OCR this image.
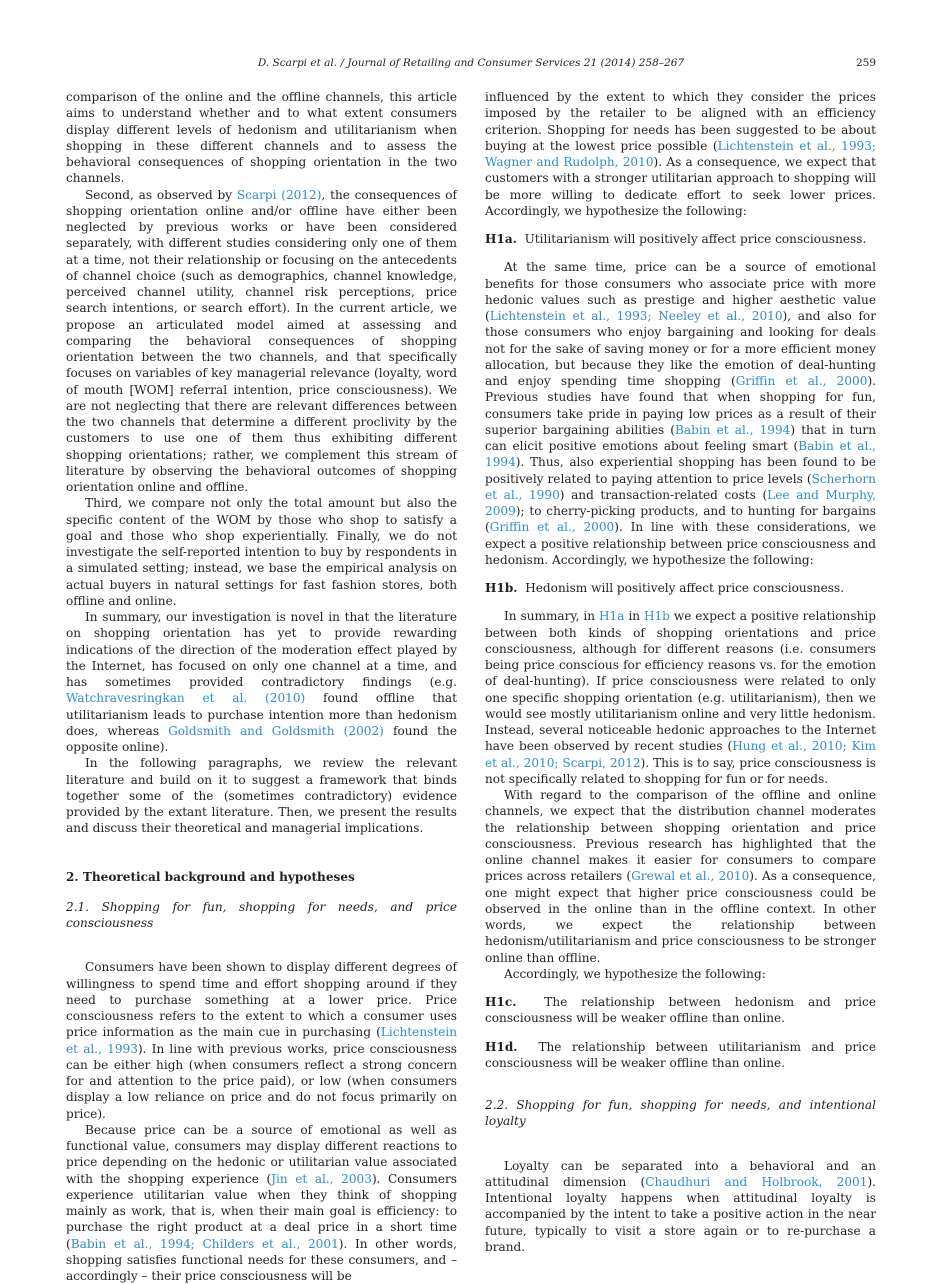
D. Scarpi et al. / Journal of Retailing and Consumer Services 21 (2014) 258–267	259

comparison of the online and the offline channels, this article aims to understand whether and to what extent consumers display different levels of hedonism and utilitarianism when shopping in these different channels and to assess the behavioral consequences of shopping orientation in the two channels.

Second, as observed by Scarpi (2012), the consequences of shopping orientation online and/or offline have either been neglected by previous works or have been considered separately, with different studies considering only one of them at a time, not their relationship or focusing on the antecedents of channel choice (such as demographics, channel knowledge, perceived channel utility, channel risk perceptions, price search intentions, or search effort). In the current article, we propose an articulated model aimed at assessing and comparing the behavioral consequences of shopping orientation between the two channels, and that specifically focuses on variables of key managerial relevance (loyalty, word of mouth [WOM] referral intention, price consciousness). We are not neglecting that there are relevant differences between the two channels that determine a different proclivity by the customers to use one of them thus exhibiting different shopping orientations; rather, we complement this stream of literature by observing the behavioral outcomes of shopping orientation online and offline.

Third, we compare not only the total amount but also the specific content of the WOM by those who shop to satisfy a goal and those who shop experientially. Finally, we do not investigate the self-reported intention to buy by respondents in a simulated setting; instead, we base the empirical analysis on actual buyers in natural settings for fast fashion stores, both offline and online.

In summary, our investigation is novel in that the literature on shopping orientation has yet to provide rewarding indications of the direction of the moderation effect played by the Internet, has focused on only one channel at a time, and has sometimes provided contradictory findings (e.g. Watchravesringkan et al. (2010) found offline that utilitarianism leads to purchase intention more than hedonism does, whereas Goldsmith and Goldsmith (2002) found the opposite online).

In the following paragraphs, we review the relevant literature and build on it to suggest a framework that binds together some of the (sometimes contradictory) evidence provided by the extant literature. Then, we present the results and discuss their theoretical and managerial implications.

2. Theoretical background and hypotheses

2.1. Shopping for fun, shopping for needs, and price consciousness

Consumers have been shown to display different degrees of willingness to spend time and effort shopping around if they need to purchase something at a lower price. Price consciousness refers to the extent to which a consumer uses price information as the main cue in purchasing (Lichtenstein et al., 1993). In line with previous works, price consciousness can be either high (when consumers reflect a strong concern for and attention to the price paid), or low (when consumers display a low reliance on price and do not focus primarily on price).

Because price can be a source of emotional as well as functional value, consumers may display different reactions to price depending on the hedonic or utilitarian value associated with the shopping experience (Jin et al., 2003). Consumers experience utilitarian value when they think of shopping mainly as work, that is, when their main goal is efficiency: to purchase the right product at a deal price in a short time (Babin et al., 1994; Childers et al., 2001). In other words, shopping satisfies functional needs for these consumers, and – accordingly – their price consciousness will be

influenced by the extent to which they consider the prices imposed by the retailer to be aligned with an efficiency criterion. Shopping for needs has been suggested to be about buying at the lowest price possible (Lichtenstein et al., 1993; Wagner and Rudolph, 2010). As a consequence, we expect that customers with a stronger utilitarian approach to shopping will be more willing to dedicate effort to seek lower prices. Accordingly, we hypothesize the following:

H1a. Utilitarianism will positively affect price consciousness.

At the same time, price can be a source of emotional benefits for those consumers who associate price with more hedonic values such as prestige and higher aesthetic value (Lichtenstein et al., 1993; Neeley et al., 2010), and also for those consumers who enjoy bargaining and looking for deals not for the sake of saving money or for a more efficient money allocation, but because they like the emotion of deal-hunting and enjoy spending time shopping (Griffin et al., 2000). Previous studies have found that when shopping for fun, consumers take pride in paying low prices as a result of their superior bargaining abilities (Babin et al., 1994) that in turn can elicit positive emotions about feeling smart (Babin et al., 1994). Thus, also experiential shopping has been found to be positively related to paying attention to price levels (Scherhorn et al., 1990) and transaction-related costs (Lee and Murphy, 2009); to cherry-picking products, and to hunting for bargains (Griffin et al., 2000). In line with these considerations, we expect a positive relationship between price consciousness and hedonism. Accordingly, we hypothesize the following:

H1b. Hedonism will positively affect price consciousness.

In summary, in H1a in H1b we expect a positive relationship between both kinds of shopping orientations and price consciousness, although for different reasons (i.e. consumers being price conscious for efficiency reasons vs. for the emotion of deal-hunting). If price consciousness were related to only one specific shopping orientation (e.g. utilitarianism), then we would see mostly utilitarianism online and very little hedonism. Instead, several noticeable hedonic approaches to the Internet have been observed by recent studies (Hung et al., 2010; Kim et al., 2010; Scarpi, 2012). This is to say, price consciousness is not specifically related to shopping for fun or for needs.

With regard to the comparison of the offline and online channels, we expect that the distribution channel moderates the relationship between shopping orientation and price consciousness. Previous research has highlighted that the online channel makes it easier for consumers to compare prices across retailers (Grewal et al., 2010). As a consequence, one might expect that higher price consciousness could be observed in the online than in the offline context. In other words, we expect the relationship between hedonism/utilitarianism and price consciousness to be stronger online than offline.

Accordingly, we hypothesize the following:

H1c. The relationship between hedonism and price consciousness will be weaker offline than online.

H1d. The relationship between utilitarianism and price consciousness will be weaker offline than online.

2.2. Shopping for fun, shopping for needs, and intentional loyalty

Loyalty can be separated into a behavioral and an attitudinal dimension (Chaudhuri and Holbrook, 2001). Intentional loyalty happens when attitudinal loyalty is accompanied by the intent to take a positive action in the near future, typically to visit a store again or to re-purchase a brand.
